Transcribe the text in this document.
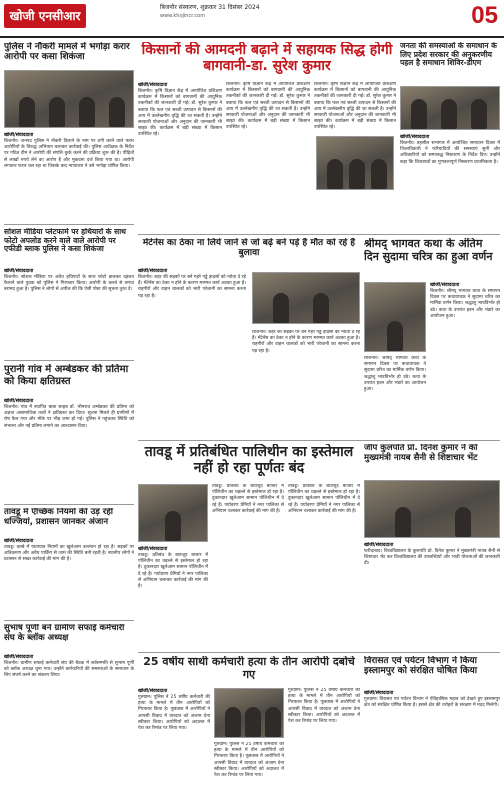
खोजी एनसीआर
बिजनौर संस्करण, शुक्रवार 31 दिसंबर 2024
www.khojincr.com	05
पुलिस ने नौकरी मामले में भगोड़ा करार आरोपी पर कसा शिकंजा
खोजी/संवाददाता

बिजनौर। जनपद पुलिस ने नौकरी दिलाने के नाम पर ठगी करने वाले फरार आरोपियों के विरुद्ध अभियान चलाकर कार्रवाई की। पुलिस अधीक्षक के निर्देश पर गठित टीम ने आरोपी की संपत्ति कुर्क करने की प्रक्रिया शुरू की है। पीड़ितों से लाखों रुपये लेने का आरोप है और मुकदमा दर्ज किया गया था। आरोपी लगातार फरार चल रहा था जिसके बाद न्यायालय ने उसे भगोड़ा घोषित किया।

सोशल मीडिया प्लेटफार्म पर हथियारों के साथ फोटो अपलोड करने वाले वाले आरोपी पर एफीडी ब्लाक पुलिस ने कसा शिकंजा
खोजी/संवाददाता

बिजनौर। सोशल मीडिया पर अवैध हथियारों के साथ फोटो डालकर दहशत फैलाने वाले युवक को पुलिस ने गिरफ्तार किया। आरोपी के कब्जे से तमंचा बरामद हुआ है। पुलिस ने लोगों से अपील की कि ऐसी पोस्ट की सूचना तुरंत दें।

पुरानी गांव में अम्बेडकर की प्रतिमा को किया क्षतिग्रस्त
खोजी/संवाददाता

बिजनौर। गांव में स्थापित बाबा साहब डॉ. भीमराव अम्बेडकर की प्रतिमा को अज्ञात असामाजिक तत्वों ने क्षतिग्रस्त कर दिया। सूचना मिलते ही ग्रामीणों में रोष फैल गया और मौके पर भीड़ जमा हो गई। पुलिस ने पहुंचकर स्थिति को संभाला और नई प्रतिमा लगाने का आश्वासन दिया।

तावडू में ऐच्छिक नियमों की उड़ रही धज्जियां, प्रशासन जानकर अंजान
खोजी/संवाददाता

तावडू। कस्बे में यातायात नियमों का खुलेआम उल्लंघन हो रहा है। सड़कों पर अतिक्रमण और अवैध पार्किंग से जाम की स्थिति बनी रहती है। स्थानीय लोगों ने प्रशासन से सख्त कार्रवाई की मांग की है।

सुभाष पूर्णी बने ग्रामीण सफाई कर्मचारी संघ के ब्लॉक अध्यक्ष
खोजी/संवाददाता

बिजनौर। ग्रामीण सफाई कर्मचारी संघ की बैठक में सर्वसम्मति से सुभाष पूर्णी को ब्लॉक अध्यक्ष चुना गया। उन्होंने कर्मचारियों की समस्याओं के समाधान के लिए संघर्ष करने का संकल्प लिया।

किसानों की आमदनी बढ़ाने में सहायक सिद्ध होगी बागवानी-डा. सुरेश कुमार
खोजी/संवाददाता

बिजनौर। कृषि विज्ञान केंद्र में आयोजित प्रशिक्षण कार्यक्रम में किसानों को बागवानी की आधुनिक तकनीकों की जानकारी दी गई। डॉ. सुरेश कुमार ने बताया कि फल एवं सब्जी उत्पादन से किसानों की आय में उल्लेखनीय वृद्धि की जा सकती है। उन्होंने सरकारी योजनाओं और अनुदान की जानकारी भी साझा की। कार्यक्रम में बड़ी संख्या में किसान उपस्थित रहे।

बिजनौर। कृषि विज्ञान केंद्र में आयोजित प्रशिक्षण कार्यक्रम में किसानों को बागवानी की आधुनिक तकनीकों की जानकारी दी गई। डॉ. सुरेश कुमार ने बताया कि फल एवं सब्जी उत्पादन से किसानों की आय में उल्लेखनीय वृद्धि की जा सकती है। उन्होंने सरकारी योजनाओं और अनुदान की जानकारी भी साझा की। कार्यक्रम में बड़ी संख्या में किसान उपस्थित रहे।

बिजनौर। कृषि विज्ञान केंद्र में आयोजित प्रशिक्षण कार्यक्रम में किसानों को बागवानी की आधुनिक तकनीकों की जानकारी दी गई। डॉ. सुरेश कुमार ने बताया कि फल एवं सब्जी उत्पादन से किसानों की आय में उल्लेखनीय वृद्धि की जा सकती है। उन्होंने सरकारी योजनाओं और अनुदान की जानकारी भी साझा की। कार्यक्रम में बड़ी संख्या में किसान उपस्थित रहे।

जनता की समस्याओं के समाधान के लिए प्रदेश सरकार की अनुकरणीय पहल है समाधान शिविर-डीएम
खोजी/संवाददाता

बिजनौर। तहसील सभागार में आयोजित समाधान दिवस में जिलाधिकारी ने फरियादियों की समस्याएं सुनीं और अधिकारियों को समयबद्ध निस्तारण के निर्देश दिए। उन्होंने कहा कि शिकायतों का गुणवत्तापूर्ण निस्तारण प्राथमिकता है।

मेंटेनेंस का ठेका ना लिये जाने से जो बढ़े बने पड़े है मौत को रहे हैं बुलावा
खोजी/संवाददाता

बिजनौर। शहर की सड़कों पर बने गहरे गड्ढे हादसों को न्योता दे रहे हैं। मेंटेनेंस का ठेका न होने के कारण मरम्मत कार्य अटका हुआ है। राहगीरों और वाहन चालकों को भारी परेशानी का सामना करना पड़ रहा है।

बिजनौर। शहर की सड़कों पर बने गहरे गड्ढे हादसों को न्योता दे रहे हैं। मेंटेनेंस का ठेका न होने के कारण मरम्मत कार्य अटका हुआ है। राहगीरों और वाहन चालकों को भारी परेशानी का सामना करना पड़ रहा है।

श्रीमद् भागवत कथा के अंतिम दिन सुदामा चरित्र का हुआ वर्णन
खोजी/संवाददाता

बिजनौर। श्रीमद् भागवत कथा के समापन दिवस पर कथावाचक ने सुदामा चरित्र का मार्मिक वर्णन किया। श्रद्धालु भावविभोर हो उठे। कथा के उपरांत हवन और भंडारे का आयोजन हुआ।

बिजनौर। श्रीमद् भागवत कथा के समापन दिवस पर कथावाचक ने सुदामा चरित्र का मार्मिक वर्णन किया। श्रद्धालु भावविभोर हो उठे। कथा के उपरांत हवन और भंडारे का आयोजन हुआ।

तावडू में प्रतिबंधित पालिथीन का इस्तेमाल नहीं हो रहा पूर्णतः बंद
खोजी/संवाददाता

तावडू। प्रतिबंध के बावजूद बाजार में पॉलिथीन का धड़ल्ले से इस्तेमाल हो रहा है। दुकानदार खुलेआम सामान पॉलिथीन में दे रहे हैं। पर्यावरण प्रेमियों ने नगर पालिका से अभियान चलाकर कार्रवाई की मांग की है।

तावडू। प्रतिबंध के बावजूद बाजार में पॉलिथीन का धड़ल्ले से इस्तेमाल हो रहा है। दुकानदार खुलेआम सामान पॉलिथीन में दे रहे हैं। पर्यावरण प्रेमियों ने नगर पालिका से अभियान चलाकर कार्रवाई की मांग की है।

तावडू। प्रतिबंध के बावजूद बाजार में पॉलिथीन का धड़ल्ले से इस्तेमाल हो रहा है। दुकानदार खुलेआम सामान पॉलिथीन में दे रहे हैं। पर्यावरण प्रेमियों ने नगर पालिका से अभियान चलाकर कार्रवाई की मांग की है।

जीप कुलपति प्रो. दिनेश कुमार ने की मुख्यमंत्री नायब सैनी से शिष्टाचार भेंट
खोजी/संवाददाता

फरीदाबाद। विश्वविद्यालय के कुलपति प्रो. दिनेश कुमार ने मुख्यमंत्री नायब सैनी से शिष्टाचार भेंट कर विश्वविद्यालय की उपलब्धियों और भावी योजनाओं की जानकारी दी।

25 वर्षीय साथी कर्मचारी हत्या के तीन आरोपी दबोचे गए
खोजी/संवाददाता

गुरुग्राम। पुलिस ने 25 वर्षीय कर्मचारी की हत्या के मामले में तीन आरोपियों को गिरफ्तार किया है। पूछताछ में आरोपियों ने आपसी विवाद में वारदात को अंजाम देना स्वीकार किया। आरोपियों को अदालत में पेश कर रिमांड पर लिया गया।

गुरुग्राम। पुलिस ने 25 वर्षीय कर्मचारी की हत्या के मामले में तीन आरोपियों को गिरफ्तार किया है। पूछताछ में आरोपियों ने आपसी विवाद में वारदात को अंजाम देना स्वीकार किया। आरोपियों को अदालत में पेश कर रिमांड पर लिया गया।

गुरुग्राम। पुलिस ने 25 वर्षीय कर्मचारी की हत्या के मामले में तीन आरोपियों को गिरफ्तार किया है। पूछताछ में आरोपियों ने आपसी विवाद में वारदात को अंजाम देना स्वीकार किया। आरोपियों को अदालत में पेश कर रिमांड पर लिया गया।

विरासत एवं पर्यटन विभाग ने किया इस्लामपुर को संरक्षित घोषित किया
खोजी/संवाददाता

गुरुग्राम। विरासत एवं पर्यटन विभाग ने ऐतिहासिक महत्व को देखते हुए इस्लामपुर क्षेत्र को संरक्षित घोषित किया है। इससे क्षेत्र की धरोहरों के संरक्षण में मदद मिलेगी।
